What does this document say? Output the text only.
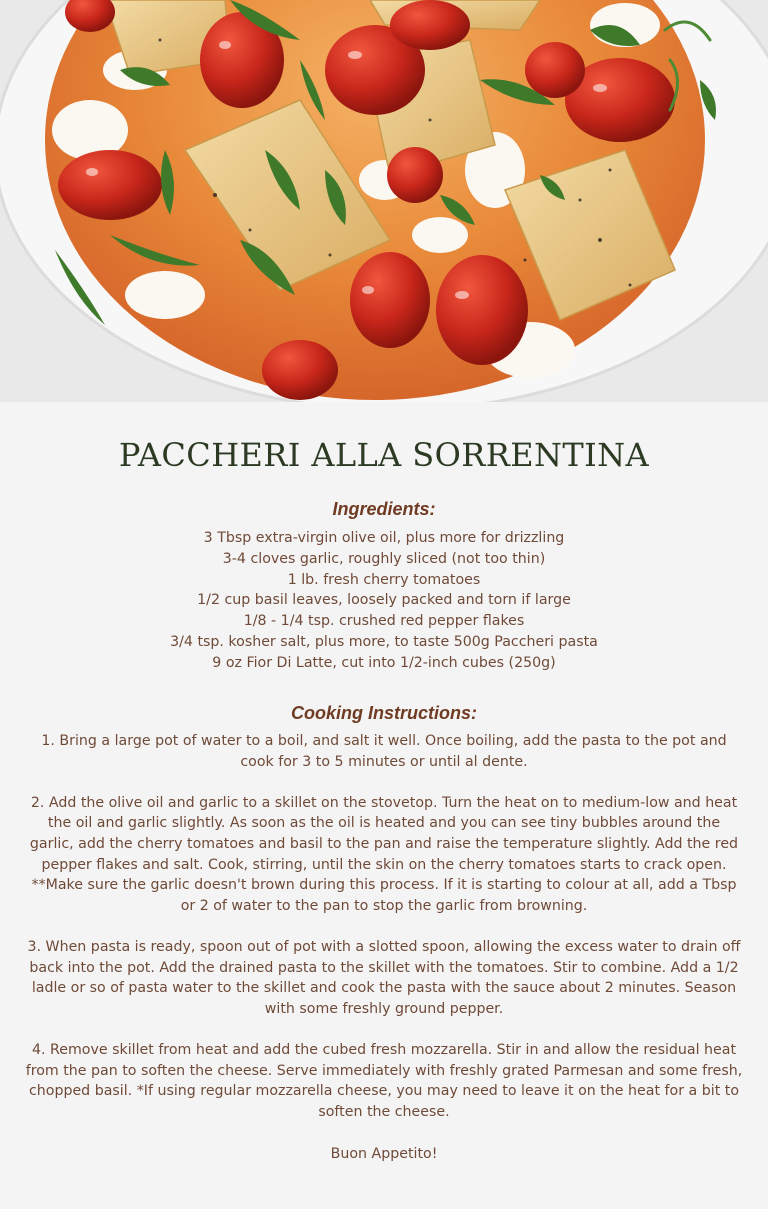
PACCHERI ALLA SORRENTINA
Ingredients:
3 Tbsp extra-virgin olive oil, plus more for drizzling
3-4 cloves garlic, roughly sliced (not too thin)
1 lb. fresh cherry tomatoes
1/2 cup basil leaves, loosely packed and torn if large
1/8 - 1/4 tsp. crushed red pepper flakes
3/4 tsp. kosher salt, plus more, to taste 500g Paccheri pasta
9 oz Fior Di Latte, cut into 1/2-inch cubes (250g)
Cooking Instructions:
1. Bring a large pot of water to a boil, and salt it well. Once boiling, add the pasta to the pot and cook for 3 to 5 minutes or until al dente.
2. Add the olive oil and garlic to a skillet on the stovetop. Turn the heat on to medium-low and heat the oil and garlic slightly. As soon as the oil is heated and you can see tiny bubbles around the garlic, add the cherry tomatoes and basil to the pan and raise the temperature slightly. Add the red pepper flakes and salt. Cook, stirring, until the skin on the cherry tomatoes starts to crack open. **Make sure the garlic doesn't brown during this process. If it is starting to colour at all, add a Tbsp or 2 of water to the pan to stop the garlic from browning.
3. When pasta is ready, spoon out of pot with a slotted spoon, allowing the excess water to drain off back into the pot. Add the drained pasta to the skillet with the tomatoes. Stir to combine. Add a 1/2 ladle or so of pasta water to the skillet and cook the pasta with the sauce about 2 minutes. Season with some freshly ground pepper.
4. Remove skillet from heat and add the cubed fresh mozzarella. Stir in and allow the residual heat from the pan to soften the cheese. Serve immediately with freshly grated Parmesan and some fresh, chopped basil. *If using regular mozzarella cheese, you may need to leave it on the heat for a bit to soften the cheese.

Buon Appetito!
